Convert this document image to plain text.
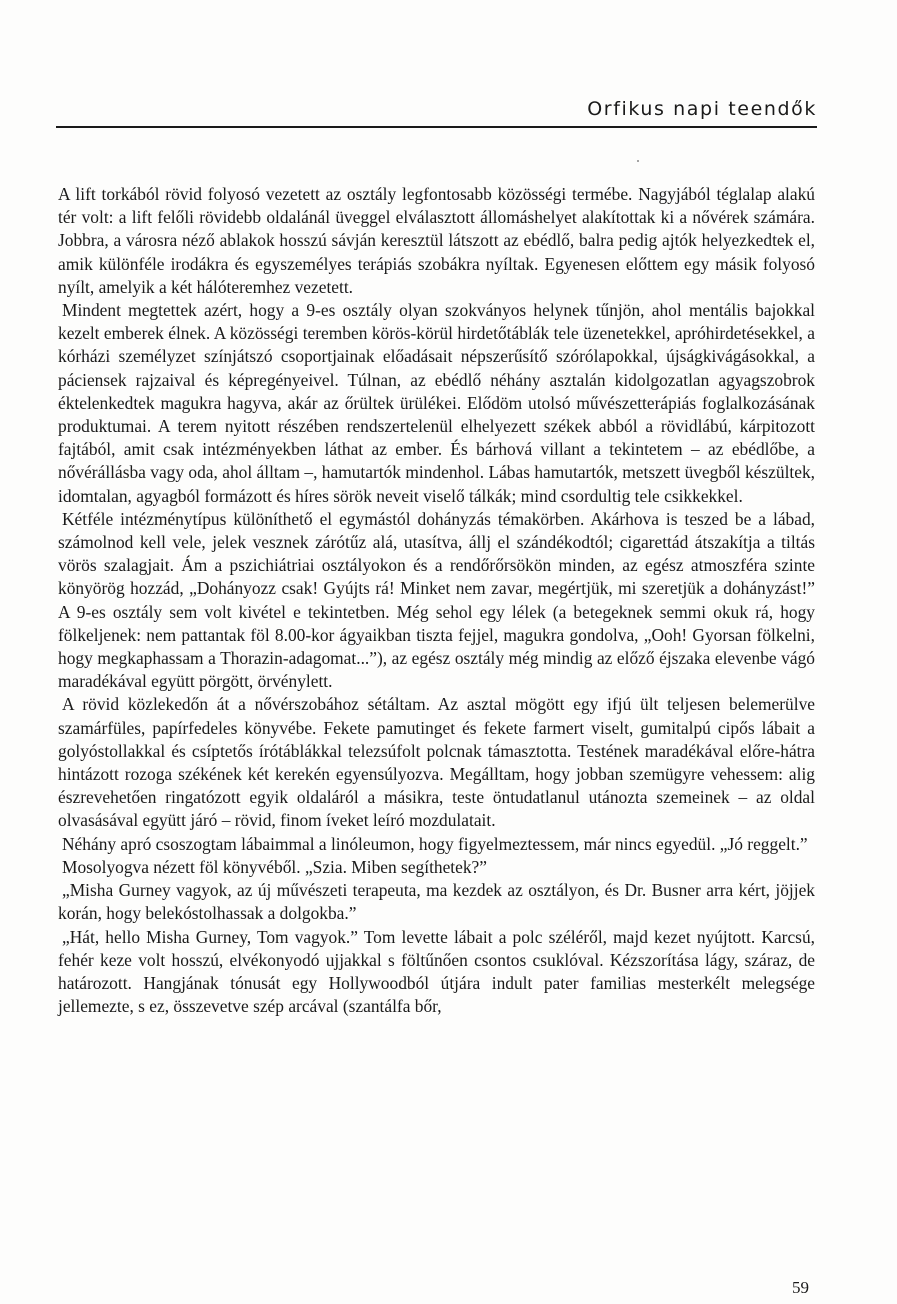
Orfikus napi teendők

A lift torkából rövid folyosó vezetett az osztály legfontosabb közösségi termébe. Nagyjából téglalap alakú tér volt: a lift felőli rövidebb oldalánál üveggel elválasztott állomáshelyet alakítottak ki a nővérek számára. Jobbra, a városra néző ablakok hosszú sávján keresztül látszott az ebédlő, balra pedig ajtók helyezkedtek el, amik különféle irodákra és egyszemélyes terápiás szobákra nyíltak. Egyenesen előttem egy másik folyosó nyílt, amelyik a két hálóteremhez vezetett.

Mindent megtettek azért, hogy a 9-es osztály olyan szokványos helynek tűnjön, ahol mentális bajokkal kezelt emberek élnek. A közösségi teremben körös-körül hirdetőtáblák tele üzenetekkel, apróhirdetésekkel, a kórházi személyzet színjátszó csoportjainak előadásait népszerűsítő szórólapokkal, újságkivágásokkal, a páciensek rajzaival és képregényeivel. Túlnan, az ebédlő néhány asztalán kidolgozatlan agyagszobrok éktelenkedtek magukra hagyva, akár az őrültek ürülékei. Elődöm utolsó művészetterápiás foglalkozásának produktumai. A terem nyitott részében rendszertelenül elhelyezett székek abból a rövidlábú, kárpitozott fajtából, amit csak intézményekben láthat az ember. És bárhová villant a tekintetem – az ebédlőbe, a nővérállásba vagy oda, ahol álltam –, hamutartók mindenhol. Lábas hamutartók, metszett üvegből készültek, idomtalan, agyagból formázott és híres sörök neveit viselő tálkák; mind csordultig tele csikkekkel.

Kétféle intézménytípus különíthető el egymástól dohányzás témakörben. Akárhova is teszed be a lábad, számolnod kell vele, jelek vesznek zárótűz alá, utasítva, állj el szándékodtól; cigarettád átszakítja a tiltás vörös szalagjait. Ám a pszichiátriai osztályokon és a rendőrőrsökön minden, az egész atmoszféra szinte könyörög hozzád, „Dohányozz csak! Gyújts rá! Minket nem zavar, megértjük, mi szeretjük a dohányzást!” A 9-es osztály sem volt kivétel e tekintetben. Még sehol egy lélek (a betegeknek semmi okuk rá, hogy fölkeljenek: nem pattantak föl 8.00-kor ágyaikban tiszta fejjel, magukra gondolva, „Ooh! Gyorsan fölkelni, hogy megkaphassam a Thorazin-adagomat...”), az egész osztály még mindig az előző éjszaka elevenbe vágó maradékával együtt pörgött, örvénylett.

A rövid közlekedőn át a nővérszobához sétáltam. Az asztal mögött egy ifjú ült teljesen belemerülve szamárfüles, papírfedeles könyvébe. Fekete pamutinget és fekete farmert viselt, gumitalpú cipős lábait a golyóstollakkal és csíptetős írótáblákkal telezsúfolt polcnak támasztotta. Testének maradékával előre-hátra hintázott rozoga székének két kerekén egyensúlyozva. Megálltam, hogy jobban szemügyre vehessem: alig észrevehetően ringatózott egyik oldaláról a másikra, teste öntudatlanul utánozta szemeinek – az oldal olvasásával együtt járó – rövid, finom íveket leíró mozdulatait.

Néhány apró csoszogtam lábaimmal a linóleumon, hogy figyelmeztessem, már nincs egyedül. „Jó reggelt.”

Mosolyogva nézett föl könyvéből. „Szia. Miben segíthetek?”

„Misha Gurney vagyok, az új művészeti terapeuta, ma kezdek az osztályon, és Dr. Busner arra kért, jöjjek korán, hogy belekóstolhassak a dolgokba.”

„Hát, hello Misha Gurney, Tom vagyok.” Tom levette lábait a polc széléről, majd kezet nyújtott. Karcsú, fehér keze volt hosszú, elvékonyodó ujjakkal s föltűnően csontos csuklóval. Kézszorítása lágy, száraz, de határozott. Hangjának tónusát egy Hollywoodból útjára indult pater familias mesterkélt melegsége jellemezte, s ez, összevetve szép arcával (szantálfa bőr,

59
